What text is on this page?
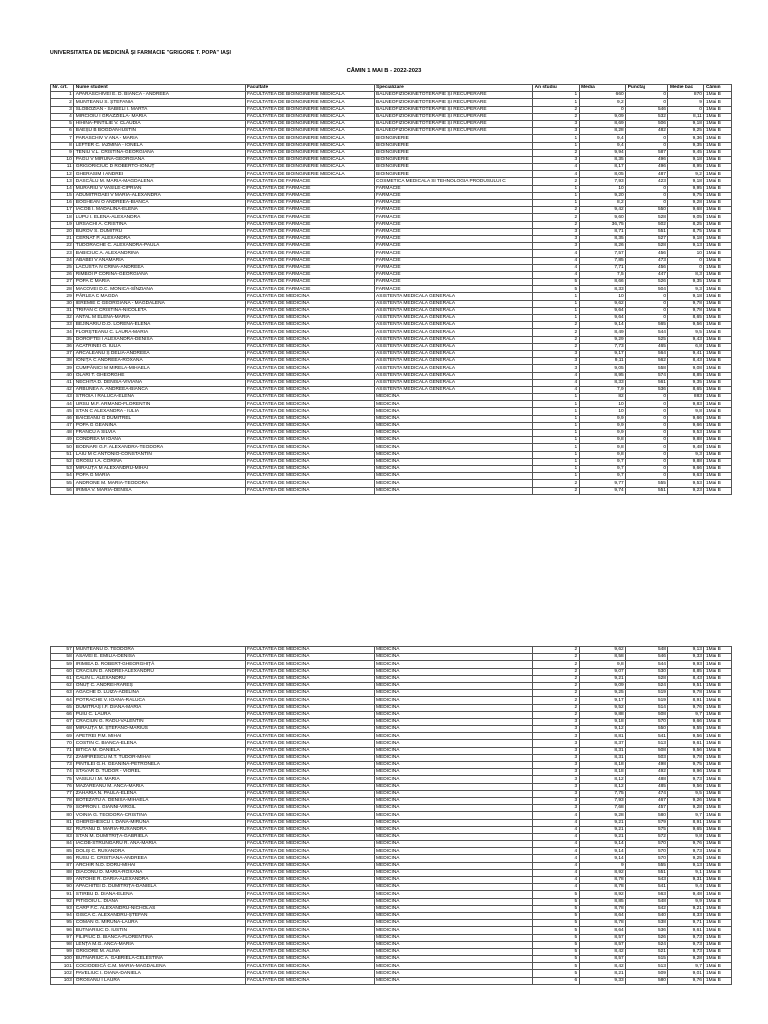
UNIVERSITATEA DE MEDICINĂ ȘI FARMACIE "GRIGORE T. POPA" IAȘI
CĂMIN 1 MAI B - 2022-2023
Nr. crt.	Nume student	Facultate	Specializare	An studiu	Media	Punctaj	Medie bac	Cămin
1	APARASCHIVEI E. D. BIANCA - ANDREEA	FACULTATEA DE BIOINGINERIE MEDICALA	BALNEOFIZIOKINETOTERAPIE ȘI RECUPERARE	1	660	0	870	1Mai B
2	MUNTEANU S. ȘTEFANIA	FACULTATEA DE BIOINGINERIE MEDICALA	BALNEOFIZIOKINETOTERAPIE ȘI RECUPERARE	1	9,2	0	9	1Mai B
3	SLOBOZIAN - SABIELI I. MARTA	FACULTATEA DE BIOINGINERIE MEDICALA	BALNEOFIZIOKINETOTERAPIE ȘI RECUPERARE	2	0	546	0	1Mai B
4	MIRCIOIU I GRAZZIELA- MARIA	FACULTATEA DE BIOINGINERIE MEDICALA	BALNEOFIZIOKINETOTERAPIE ȘI RECUPERARE	2	9,09	532	8,11	1Mai B
5	HIHINĂ-PINTILIE V. CLAUDIA	FACULTATEA DE BIOINGINERIE MEDICALA	BALNEOFIZIOKINETOTERAPIE ȘI RECUPERARE	3	8,69	506	9,18	1Mai B
6	BĂEȘU B BOGDAN-IUSTIN	FACULTATEA DE BIOINGINERIE MEDICALA	BALNEOFIZIOKINETOTERAPIE ȘI RECUPERARE	3	8,28	482	9,25	1Mai B
7	PARASCHIV V ANA - MARIA	FACULTATEA DE BIOINGINERIE MEDICALA	BIOINGINERIE	1	9,4	0	9,36	1Mai B
8	LEFTER C. IAZMINA - IONELA	FACULTATEA DE BIOINGINERIE MEDICALA	BIOINGINERIE	1	9,4	0	9,35	1Mai B
9	TENIU V.L. CRISTINA-GEORGIANA	FACULTATEA DE BIOINGINERIE MEDICALA	BIOINGINERIE	2	9,94	587	9,45	1Mai B
10	PAGU V MIRUNA-GEORGIANA	FACULTATEA DE BIOINGINERIE MEDICALA	BIOINGINERIE	3	8,35	496	9,18	1Mai B
11	GRIGORICIUC D ROBERTO-IONUȚ	FACULTATEA DE BIOINGINERIE MEDICALA	BIOINGINERIE	4	8,17	496	8,95	1Mai B
12	GHERASIM I ANDREI	FACULTATEA DE BIOINGINERIE MEDICALA	BIOINGINERIE	4	8,05	487	9,2	1Mai B
13	DASCĂLU M. MARIA-MAGDALENA	FACULTATEA DE FARMACIE	COSMETICA MEDICALA SI TEHNOLOGIA PRODUSULUI C	2	7,93	423	9,18	1Mai B
14	MURARIU V VASILE-CIPRIAN	FACULTATEA DE FARMACIE	FARMACIE	1	10	0	9,95	1Mai B
15	ADUMITROAEI V MARIA-ALEXANDRA	FACULTATEA DE FARMACIE	FARMACIE	1	9,20	0	9,75	1Mai B
16	BOGHEAN O ANDREEA-BIANCA	FACULTATEA DE FARMACIE	FARMACIE	1	8,2	0	9,28	1Mai B
17	IACOB I. MĂDĂLINA-ELENA	FACULTATEA DE FARMACIE	FARMACIE	2	9,42	550	9,68	1Mai B
18	LUPU I. ELENA-ALEXANDRA	FACULTATEA DE FARMACIE	FARMACIE	2	9,60	528	9,05	1Mai B
19	URSACHI A. CRISTINA	FACULTATEA DE FARMACIE	FARMACIE	2	36,75	502	8,25	1Mai B
20	BUROV S. DUMITRU	FACULTATEA DE FARMACIE	FARMACIE	3	8,71	551	8,75	1Mai B
21	CERNAT P. ALEXANDRA	FACULTATEA DE FARMACIE	FARMACIE	3	8,35	527	9,18	1Mai B
22	TUDORACHE C. ALEXANDRA-PAULA	FACULTATEA DE FARMACIE	FARMACIE	3	8,26	528	9,13	1Mai B
23	BABICIUC A. ALEXANDRINA	FACULTATEA DE FARMACIE	FARMACIE	4	7,57	456	10	1Mai B
24	ABABEI V ANAMARIA	FACULTATEA DE FARMACIE	FARMACIE	4	7,85	473	0	1Mai B
25	LĂCUSTĂ N CRINA-ANDREEA	FACULTATEA DE FARMACIE	FARMACIE	4	7,71	456	0	1Mai B
26	RÎMBOI P CORINA-GEORGIANA	FACULTATEA DE FARMACIE	FARMACIE	4	7,5	447	8,3	1Mai B
27	POPA C MARIA	FACULTATEA DE FARMACIE	FARMACIE	5	8,66	526	9,35	1Mai B
28	MACOVEI D.C. MONICA-SÎNZIANA	FACULTATEA DE FARMACIE	FARMACIE	5	8,33	504	9,3	1Mai B
29	PÂRLEA C MAGDA	FACULTATEA DE MEDICINA	ASISTENTA MEDICALA GENERALA	1	10	0	9,18	1Mai B
30	IEREMIE C GEORGIANA - MAGDALENA	FACULTATEA DE MEDICINA	ASISTENTA MEDICALA GENERALA	1	9,62	0	9,78	1Mai B
31	TRIFAN C CRISTINA-NICOLETA	FACULTATEA DE MEDICINA	ASISTENTA MEDICALA GENERALA	1	9,64	0	9,78	1Mai B
32	ANTAL M ELENA-MARIA	FACULTATEA DE MEDICINA	ASISTENTA MEDICALA GENERALA	1	9,64	0	8,65	1Mai B
33	BEJINARIU D.O. LORENA-ELENA	FACULTATEA DE MEDICINA	ASISTENTA MEDICALA GENERALA	2	9,14	565	9,56	1Mai B
34	FLORȘTEANU C. LAURA-MARIA	FACULTATEA DE MEDICINA	ASISTENTA MEDICALA GENERALA	2	8,49	544	9,5	1Mai B
35	DOROFTEI I ALEXANDRA-DENISA	FACULTATEA DE MEDICINA	ASISTENTA MEDICALA GENERALA	2	9,29	525	9,43	1Mai B
36	ACATRINEI O. IULIA	FACULTATEA DE MEDICINA	ASISTENTA MEDICALA GENERALA	2	7,73	465	6,8	1Mai B
37	ARCALEANU Ș DELIA-ANDREEA	FACULTATEA DE MEDICINA	ASISTENTA MEDICALA GENERALA	3	9,17	564	9,41	1Mai B
38	IONIȚĂ C ANDREEA-ROXANA	FACULTATEA DE MEDICINA	ASISTENTA MEDICALA GENERALA	3	9,11	562	8,43	1Mai B
39	CUMPĂNICI M MIRELA-MIHAELA	FACULTATEA DE MEDICINA	ASISTENTA MEDICALA GENERALA	3	9,05	558	9,08	1Mai B
40	OLARI T. GHEORGHE	FACULTATEA DE MEDICINA	ASISTENTA MEDICALA GENERALA	4	8,95	574	8,85	1Mai B
41	NECHITA D. DENISA-VIVIANA	FACULTATEA DE MEDICINA	ASISTENTA MEDICALA GENERALA	4	8,33	561	9,35	1Mai B
42	ARBUNEA A. ANDREEA-BIANCA	FACULTATEA DE MEDICINA	ASISTENTA MEDICALA GENERALA	4	7,9	536	8,65	1Mai B
43	STROIA I RALUCA-ELENA	FACULTATEA DE MEDICINA	MEDICINA	1	82	0	883	1Mai B
44	URSU M.F. ARMAND-FLORENTIN	FACULTATEA DE MEDICINA	MEDICINA	1	10	0	9,83	1Mai B
45	STAN C ALEXANDRA - IULIA	FACULTATEA DE MEDICINA	MEDICINA	1	10	0	9,8	1Mai B
46	BĂICEANU G DUMITREL	FACULTATEA DE MEDICINA	MEDICINA	1	9,9	0	9,66	1Mai B
47	POPA G GEANINA	FACULTATEA DE MEDICINA	MEDICINA	1	9,9	0	9,66	1Mai B
48	FRÂNCU A SILVIA	FACULTATEA DE MEDICINA	MEDICINA	1	9,9	0	9,53	1Mai B
49	CONDREA M IOANA	FACULTATEA DE MEDICINA	MEDICINA	1	9,8	0	9,88	1Mai B
50	BODNARI G.F. ALEXANDRA-TEODORA	FACULTATEA DE MEDICINA	MEDICINA	1	9,8	0	9,48	1Mai B
51	LAIU M C ANTONIO-CONSTANTIN	FACULTATEA DE MEDICINA	MEDICINA	1	9,8	0	9,3	1Mai B
52	GROSU I.A. CORINA	FACULTATEA DE MEDICINA	MEDICINA	1	9,7	0	9,88	1Mai B
53	MIRĂUȚĂ M ALEXANDRU-MIHAI	FACULTATEA DE MEDICINA	MEDICINA	1	9,7	0	9,66	1Mai B
54	POPA G MARIA	FACULTATEA DE MEDICINA	MEDICINA	1	9,7	0	9,63	1Mai B
55	ANDRONE M. MARIA-TEODORA	FACULTATEA DE MEDICINA	MEDICINA	2	9,77	555	9,53	1Mai B
56	IRIMIA V. MARIA-DENISA	FACULTATEA DE MEDICINA	MEDICINA	2	9,74	551	9,23	1Mai B
57	MUNTEANU D. TEODORA	FACULTATEA DE MEDICINA	MEDICINA	2	9,62	548	9,13	1Mai B
58	ASAVEI E. EMILIA-DENISA	FACULTATEA DE MEDICINA	MEDICINA	2	8,58	546	9,33	1Mai B
59	IRIMIEA D. ROBERT-GHEORGHIȚĂ	FACULTATEA DE MEDICINA	MEDICINA	2	9,8	544	9,93	1Mai B
60	CRĂCIUN D. ANDREI-ALEXANDRU	FACULTATEA DE MEDICINA	MEDICINA	2	9,07	530	8,85	1Mai B
61	CĂLIN L. ALEXANDRU	FACULTATEA DE MEDICINA	MEDICINA	2	9,21	528	8,43	1Mai B
62	ONUȚ C. ANDREI-RAREȘ	FACULTATEA DE MEDICINA	MEDICINA	2	9,09	524	9,51	1Mai B
63	AGACHE D. LUIZA-ADELINA	FACULTATEA DE MEDICINA	MEDICINA	2	9,25	519	9,78	1Mai B
64	POTRACHE V. IOANA-RALUCA	FACULTATEA DE MEDICINA	MEDICINA	2	9,17	519	8,91	1Mai B
65	DUMITRAȘ I.F. DIANA-MARIA	FACULTATEA DE MEDICINA	MEDICINA	2	9,52	514	9,76	1Mai B
66	PUIU C. LAURA	FACULTATEA DE MEDICINA	MEDICINA	2	9,88	508	9,7	1Mai B
67	CRĂCIUN G. RADU-VALENTIN	FACULTATEA DE MEDICINA	MEDICINA	3	9,18	570	9,66	1Mai B
68	MIRĂUȚĂ M. ȘTEFANO-MARIUS	FACULTATEA DE MEDICINA	MEDICINA	3	9,12	550	9,55	1Mai B
69	APETREI P.M. MIHAI	FACULTATEA DE MEDICINA	MEDICINA	3	8,81	541	9,56	1Mai B
70	COSTIN C. BIANCA-ELENA	FACULTATEA DE MEDICINA	MEDICINA	3	8,37	513	9,61	1Mai B
71	BITICĂ M. DANIELA	FACULTATEA DE MEDICINA	MEDICINA	3	8,31	508	9,56	1Mai B
72	ZAMFIRESCU M.T. TUDOR-MIHAI	FACULTATEA DE MEDICINA	MEDICINA	3	8,31	503	9,78	1Mai B
73	PINTILEI G.H. GEANINA-PETRONELA	FACULTATEA DE MEDICINA	MEDICINA	3	8,18	498	9,75	1Mai B
74	STAVĂR D. TUDOR - VIOREL	FACULTATEA DE MEDICINA	MEDICINA	3	8,18	492	9,96	1Mai B
75	VASILIU I.M. MARIA	FACULTATEA DE MEDICINA	MEDICINA	3	8,12	488	9,73	1Mai B
76	MĂZĂREANU M. ANCA-MARIA	FACULTATEA DE MEDICINA	MEDICINA	3	8,12	485	9,56	1Mai B
77	ZAHARIA N. PAULA-ELENA	FACULTATEA DE MEDICINA	MEDICINA	3	7,75	474	9,5	1Mai B
78	BOTEZATU A. DENISA-MIHAELA	FACULTATEA DE MEDICINA	MEDICINA	3	7,93	467	9,26	1Mai B
79	SOPRON I. GIANNI-VIRGIL	FACULTATEA DE MEDICINA	MEDICINA	3	7,68	457	9,28	1Mai B
80	VOINIA G. TEODORA-CRISTINA	FACULTATEA DE MEDICINA	MEDICINA	4	9,28	580	9,7	1Mai B
81	GHERGHESCU I. DANA-MIRUNA	FACULTATEA DE MEDICINA	MEDICINA	4	9,21	579	8,91	1Mai B
82	RUTANU D. MARIA-RUXANDRA	FACULTATEA DE MEDICINA	MEDICINA	4	9,21	575	9,65	1Mai B
83	STAN M. DUMITRIȚA-GABRIELA	FACULTATEA DE MEDICINA	MEDICINA	4	9,21	572	9,8	1Mai B
84	IACOB-STRUNGARU R. ANA-MARIA	FACULTATEA DE MEDICINA	MEDICINA	4	9,14	570	9,76	1Mai B
85	DOLIȘ C. RUXANDRA	FACULTATEA DE MEDICINA	MEDICINA	4	9,14	570	9,73	1Mai B
86	RUSU C. CRISTIANA-ANDREEA	FACULTATEA DE MEDICINA	MEDICINA	4	9,14	570	9,25	1Mai B
87	ARCHIR N.D. DORU-MIHAI	FACULTATEA DE MEDICINA	MEDICINA	4	9	555	9,13	1Mai B
88	DIACONU D. MARIA-ROXANA	FACULTATEA DE MEDICINA	MEDICINA	4	8,92	551	9,1	1Mai B
89	ANTOHE R. DARIA-ALEXANDRA	FACULTATEA DE MEDICINA	MEDICINA	4	8,78	543	9,31	1Mai B
90	APACHITEI D. DUMITRIȚA-DANIELA	FACULTATEA DE MEDICINA	MEDICINA	4	8,78	541	9,4	1Mai B
91	STIRBU D. DIANA-ELENA	FACULTATEA DE MEDICINA	MEDICINA	5	8,92	563	9,48	1Mai B
92	PITIGOIU L. DIANA	FACULTATEA DE MEDICINA	MEDICINA	5	8,85	548	9,9	1Mai B
93	CARP F.C. ALEXANDRU-NICHOLAS	FACULTATEA DE MEDICINA	MEDICINA	5	8,78	542	9,21	1Mai B
94	GÎSCĂ C. ALEXANDRU-ȘTEFAN	FACULTATEA DE MEDICINA	MEDICINA	5	8,64	540	8,33	1Mai B
95	COMAN G. MIRUNA-LAURA	FACULTATEA DE MEDICINA	MEDICINA	5	8,78	538	9,71	1Mai B
96	BUTNARIUC D. IUSTIN	FACULTATEA DE MEDICINA	MEDICINA	5	8,64	536	9,61	1Mai B
97	FILIPIUC D. BIANCA-FLORENTINA	FACULTATEA DE MEDICINA	MEDICINA	5	8,57	526	9,73	1Mai B
98	LENȚA M.G. ANCA-MARIA	FACULTATEA DE MEDICINA	MEDICINA	5	8,57	524	9,73	1Mai B
99	GRIGORE M. ALINA	FACULTATEA DE MEDICINA	MEDICINA	5	8,42	521	9,73	1Mai B
100	BUTNARIUC A. GABRIELA-CELESTINA	FACULTATEA DE MEDICINA	MEDICINA	5	8,57	515	9,28	1Mai B
101	COCIODEICĂ C.M. MARIA-MAGDALENA	FACULTATEA DE MEDICINA	MEDICINA	5	8,42	513	9,7	1Mai B
102	PAVELIUC I. DIANA-DANIELA	FACULTATEA DE MEDICINA	MEDICINA	5	8,21	509	9,01	1Mai B
103	OROSANU I LAURA	FACULTATEA DE MEDICINA	MEDICINA	6	9,33	580	9,76	1Mai B
